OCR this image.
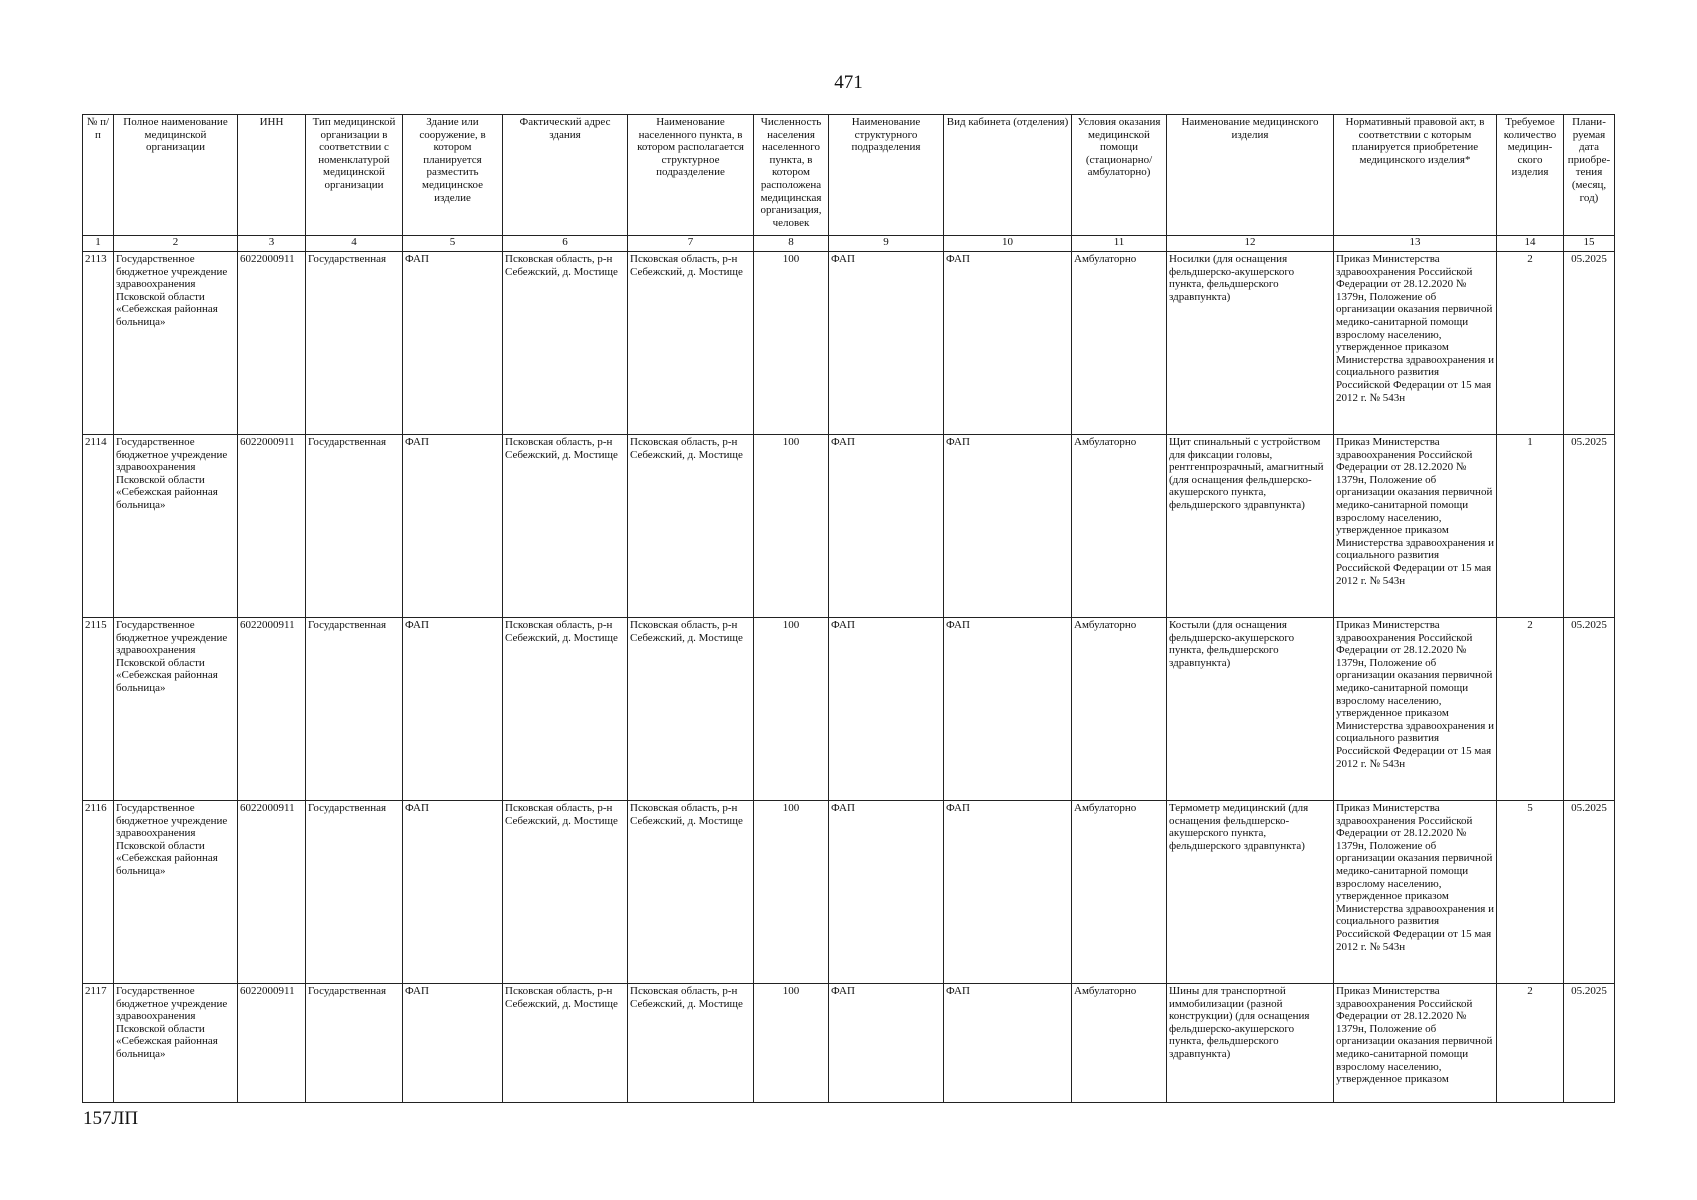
471
№ п/п	Полное наименование медицинской организации	ИНН	Тип медицинской организации в соответствии с номенклатурой медицинской организации	Здание или сооружение, в котором планируется разместить медицинское изделие	Фактический адрес здания	Наименование населенного пункта, в котором располагается структурное подразделение	Численность населения населенного пункта, в котором расположена медицинская организация, человек	Наименование структурного подразделения	Вид кабинета (отделения)	Условия оказания медицинской помощи (стационарно/ амбулаторно)	Наименование медицинского изделия	Нормативный правовой акт, в соответствии с которым планируется приобретение медицинского изделия*	Требуемое количество медицин-ского изделия	Плани-руемая дата приобре-тения (месяц, год)
1	2	3	4	5	6	7	8	9	10	11	12	13	14	15
2113	Государственное бюджетное учреждение здравоохранения Псковской области «Себежская районная больница»	6022000911	Государственная	ФАП	Псковская область, р-н Себежский, д. Мостище	Псковская область, р-н Себежский, д. Мостище	100	ФАП	ФАП	Амбулаторно	Носилки (для оснащения фельдшерско-акушерского пункта, фельдшерского здравпункта)	Приказ Министерства здравоохранения Российской Федерации от 28.12.2020 № 1379н, Положение об организации оказания первичной медико-санитарной помощи взрослому населению, утвержденное приказом Министерства здравоохранения и социального развития Российской Федерации от 15 мая 2012 г. № 543н	2	05.2025
2114	Государственное бюджетное учреждение здравоохранения Псковской области «Себежская районная больница»	6022000911	Государственная	ФАП	Псковская область, р-н Себежский, д. Мостище	Псковская область, р-н Себежский, д. Мостище	100	ФАП	ФАП	Амбулаторно	Щит спинальный с устройством для фиксации головы, рентгенпрозрачный, амагнитный (для оснащения фельдшерско-акушерского пункта, фельдшерского здравпункта)	Приказ Министерства здравоохранения Российской Федерации от 28.12.2020 № 1379н, Положение об организации оказания первичной медико-санитарной помощи взрослому населению, утвержденное приказом Министерства здравоохранения и социального развития Российской Федерации от 15 мая 2012 г. № 543н	1	05.2025
2115	Государственное бюджетное учреждение здравоохранения Псковской области «Себежская районная больница»	6022000911	Государственная	ФАП	Псковская область, р-н Себежский, д. Мостище	Псковская область, р-н Себежский, д. Мостище	100	ФАП	ФАП	Амбулаторно	Костыли (для оснащения фельдшерско-акушерского пункта, фельдшерского здравпункта)	Приказ Министерства здравоохранения Российской Федерации от 28.12.2020 № 1379н, Положение об организации оказания первичной медико-санитарной помощи взрослому населению, утвержденное приказом Министерства здравоохранения и социального развития Российской Федерации от 15 мая 2012 г. № 543н	2	05.2025
2116	Государственное бюджетное учреждение здравоохранения Псковской области «Себежская районная больница»	6022000911	Государственная	ФАП	Псковская область, р-н Себежский, д. Мостище	Псковская область, р-н Себежский, д. Мостище	100	ФАП	ФАП	Амбулаторно	Термометр медицинский (для оснащения фельдшерско-акушерского пункта, фельдшерского здравпункта)	Приказ Министерства здравоохранения Российской Федерации от 28.12.2020 № 1379н, Положение об организации оказания первичной медико-санитарной помощи взрослому населению, утвержденное приказом Министерства здравоохранения и социального развития Российской Федерации от 15 мая 2012 г. № 543н	5	05.2025
2117	Государственное бюджетное учреждение здравоохранения Псковской области «Себежская районная больница»	6022000911	Государственная	ФАП	Псковская область, р-н Себежский, д. Мостище	Псковская область, р-н Себежский, д. Мостище	100	ФАП	ФАП	Амбулаторно	Шины для транспортной иммобилизации (разной конструкции) (для оснащения фельдшерско-акушерского пункта, фельдшерского здравпункта)	Приказ Министерства здравоохранения Российской Федерации от 28.12.2020 № 1379н, Положение об организации оказания первичной медико-санитарной помощи взрослому населению, утвержденное приказом	2	05.2025
157ЛП
